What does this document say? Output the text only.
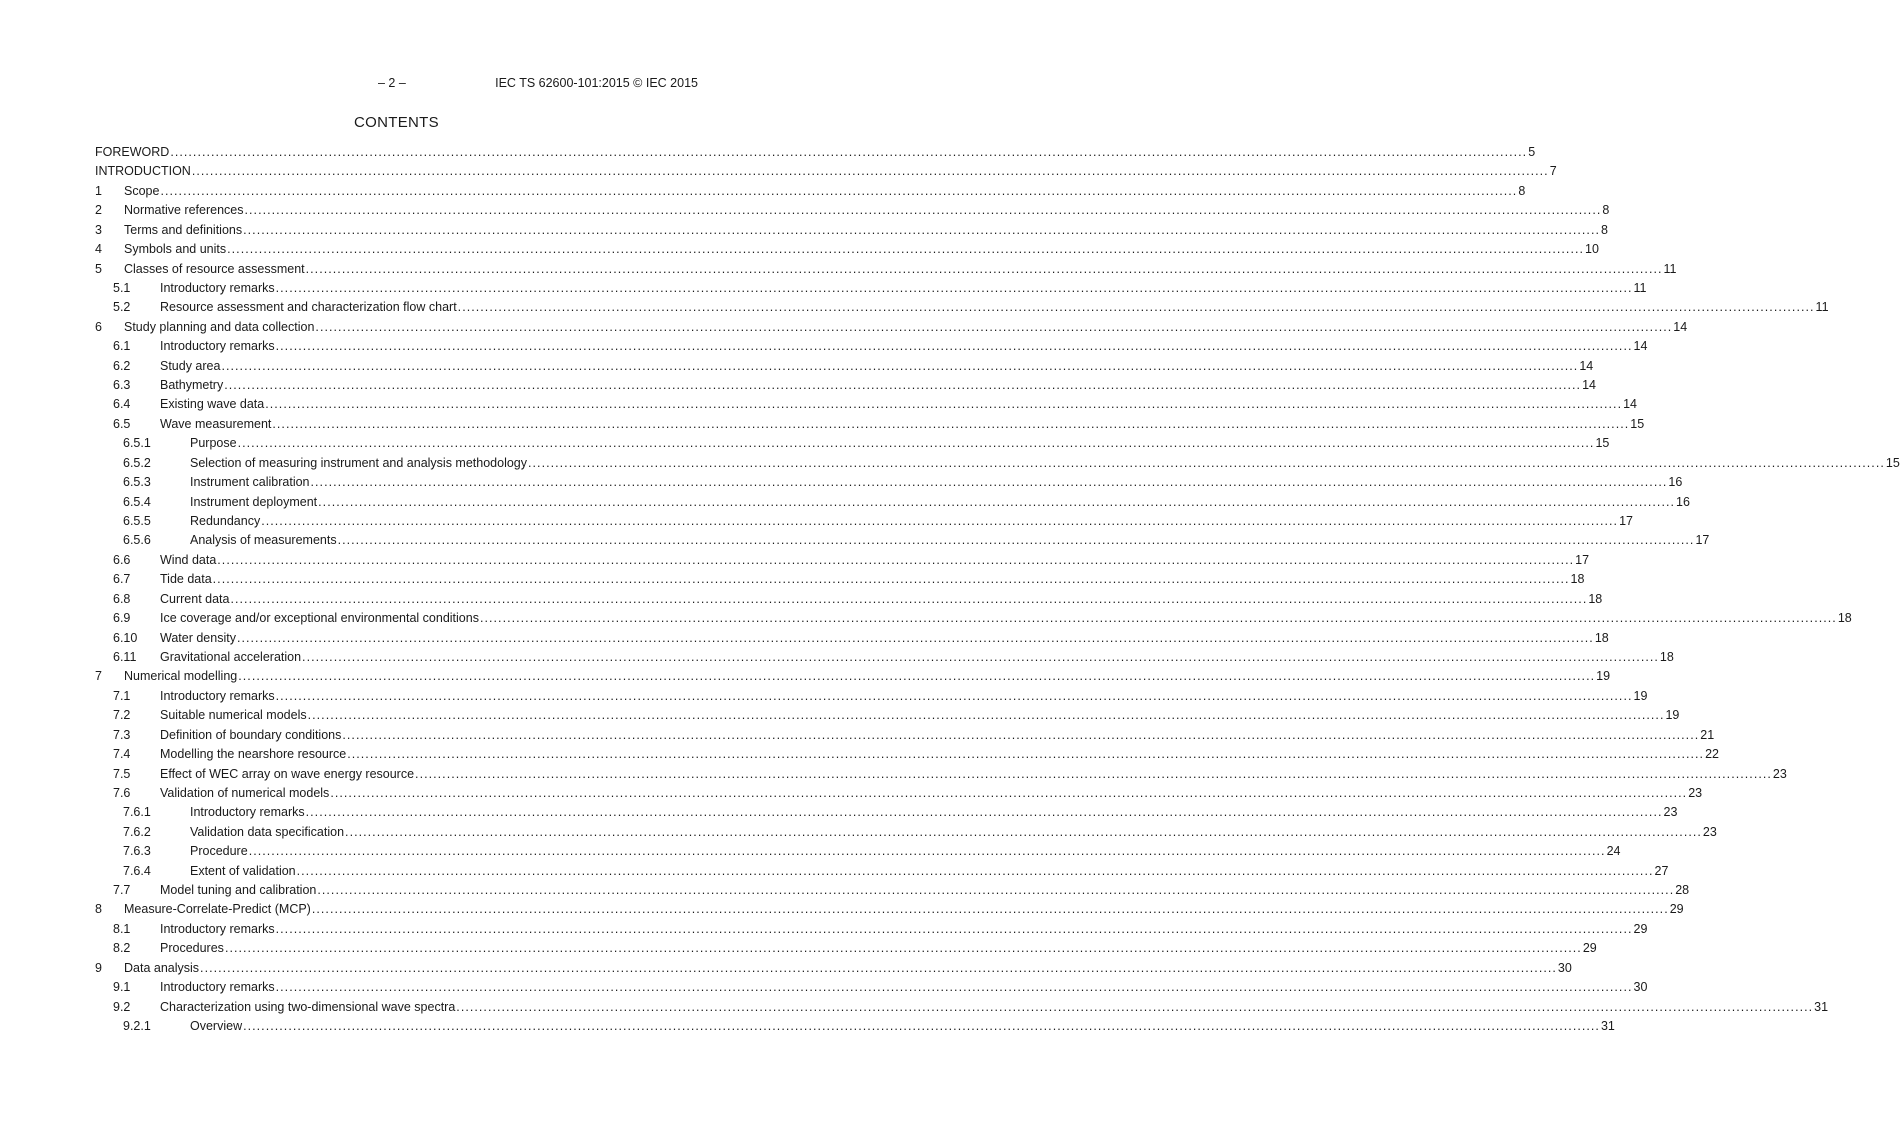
– 2 –	IEC TS 62600-101:2015 © IEC 2015
CONTENTS
FOREWORD ............................................................................................................................................................................................................................................................................................................ 5
INTRODUCTION ............................................................................................................................................................................................................................................................................................................ 7
1	Scope ............................................................................................................................................................................................................................................................................................................ 8
2	Normative references ............................................................................................................................................................................................................................................................................................................ 8
3	Terms and definitions ............................................................................................................................................................................................................................................................................................................ 8
4	Symbols and units ............................................................................................................................................................................................................................................................................................................ 10
5	Classes of resource assessment ............................................................................................................................................................................................................................................................................................................ 11
5.1	Introductory remarks ............................................................................................................................................................................................................................................................................................................ 11
5.2	Resource assessment and characterization flow chart ............................................................................................................................................................................................................................................................................................................ 11
6	Study planning and data collection ............................................................................................................................................................................................................................................................................................................ 14
6.1	Introductory remarks ............................................................................................................................................................................................................................................................................................................ 14
6.2	Study area ............................................................................................................................................................................................................................................................................................................ 14
6.3	Bathymetry ............................................................................................................................................................................................................................................................................................................ 14
6.4	Existing wave data ............................................................................................................................................................................................................................................................................................................ 14
6.5	Wave measurement ............................................................................................................................................................................................................................................................................................................ 15
6.5.1	Purpose ............................................................................................................................................................................................................................................................................................................ 15
6.5.2	Selection of measuring instrument and analysis methodology ............................................................................................................................................................................................................................................................................................................ 15
6.5.3	Instrument calibration ............................................................................................................................................................................................................................................................................................................ 16
6.5.4	Instrument deployment ............................................................................................................................................................................................................................................................................................................ 16
6.5.5	Redundancy ............................................................................................................................................................................................................................................................................................................ 17
6.5.6	Analysis of measurements ............................................................................................................................................................................................................................................................................................................ 17
6.6	Wind data ............................................................................................................................................................................................................................................................................................................ 17
6.7	Tide data ............................................................................................................................................................................................................................................................................................................ 18
6.8	Current data ............................................................................................................................................................................................................................................................................................................ 18
6.9	Ice coverage and/or exceptional environmental conditions ............................................................................................................................................................................................................................................................................................................ 18
6.10	Water density ............................................................................................................................................................................................................................................................................................................ 18
6.11	Gravitational acceleration ............................................................................................................................................................................................................................................................................................................ 18
7	Numerical modelling ............................................................................................................................................................................................................................................................................................................ 19
7.1	Introductory remarks ............................................................................................................................................................................................................................................................................................................ 19
7.2	Suitable numerical models ............................................................................................................................................................................................................................................................................................................ 19
7.3	Definition of boundary conditions ............................................................................................................................................................................................................................................................................................................ 21
7.4	Modelling the nearshore resource ............................................................................................................................................................................................................................................................................................................ 22
7.5	Effect of WEC array on wave energy resource ............................................................................................................................................................................................................................................................................................................ 23
7.6	Validation of numerical models ............................................................................................................................................................................................................................................................................................................ 23
7.6.1	Introductory remarks ............................................................................................................................................................................................................................................................................................................ 23
7.6.2	Validation data specification ............................................................................................................................................................................................................................................................................................................ 23
7.6.3	Procedure ............................................................................................................................................................................................................................................................................................................ 24
7.6.4	Extent of validation ............................................................................................................................................................................................................................................................................................................ 27
7.7	Model tuning and calibration ............................................................................................................................................................................................................................................................................................................ 28
8	Measure-Correlate-Predict (MCP) ............................................................................................................................................................................................................................................................................................................ 29
8.1	Introductory remarks ............................................................................................................................................................................................................................................................................................................ 29
8.2	Procedures ............................................................................................................................................................................................................................................................................................................ 29
9	Data analysis ............................................................................................................................................................................................................................................................................................................ 30
9.1	Introductory remarks ............................................................................................................................................................................................................................................................................................................ 30
9.2	Characterization using two-dimensional wave spectra ............................................................................................................................................................................................................................................................................................................ 31
9.2.1	Overview ............................................................................................................................................................................................................................................................................................................ 31
